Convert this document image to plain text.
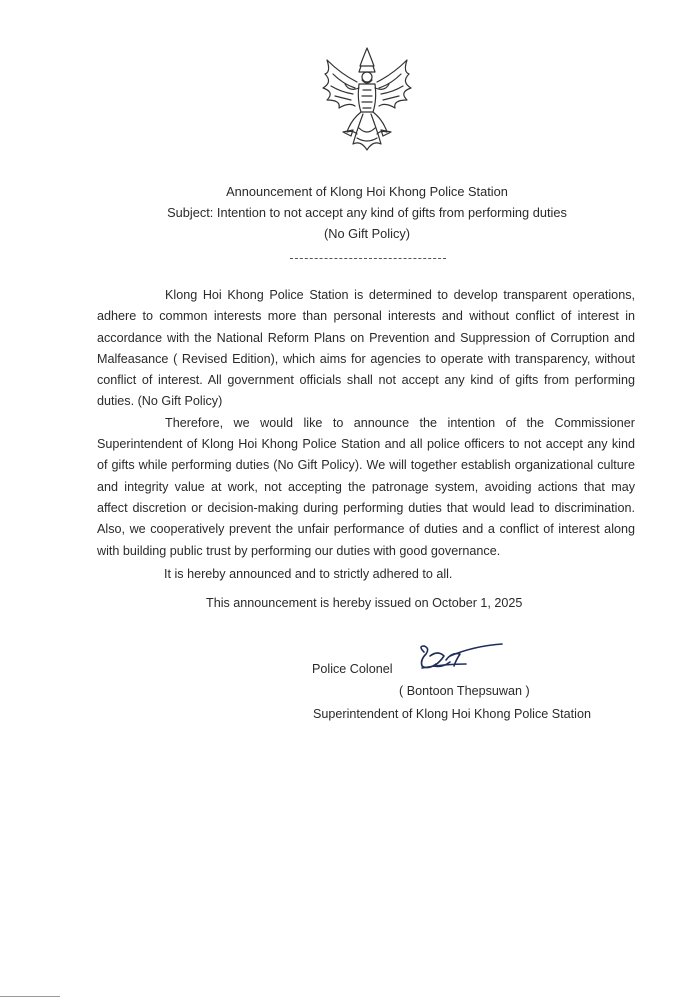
Announcement of Klong Hoi Khong Police Station
Subject: Intention to not accept any kind of gifts from performing duties
(No Gift Policy)
Klong Hoi Khong Police Station is determined to develop transparent operations,
adhere to common interests more than personal interests and without conflict of interest in
accordance with the National Reform Plans on Prevention and Suppression of Corruption and
Malfeasance ( Revised Edition), which aims for agencies to operate with transparency, without
conflict of interest. All government officials shall not accept any kind of gifts from performing
duties. (No Gift Policy)
Therefore, we would like to announce the intention of the Commissioner
Superintendent of Klong Hoi Khong Police Station and all police officers to not accept any kind
of gifts while performing duties (No Gift Policy). We will together establish organizational culture
and integrity value at work, not accepting the patronage system, avoiding actions that may
affect discretion or decision-making during performing duties that would lead to discrimination.
Also, we cooperatively prevent the unfair performance of duties and a conflict of interest along
with building public trust by performing our duties with good governance.
It is hereby announced and to strictly adhered to all.
This announcement is hereby issued on October 1, 2025
Police Colonel
( Bontoon Thepsuwan )
Superintendent of Klong Hoi Khong Police Station
